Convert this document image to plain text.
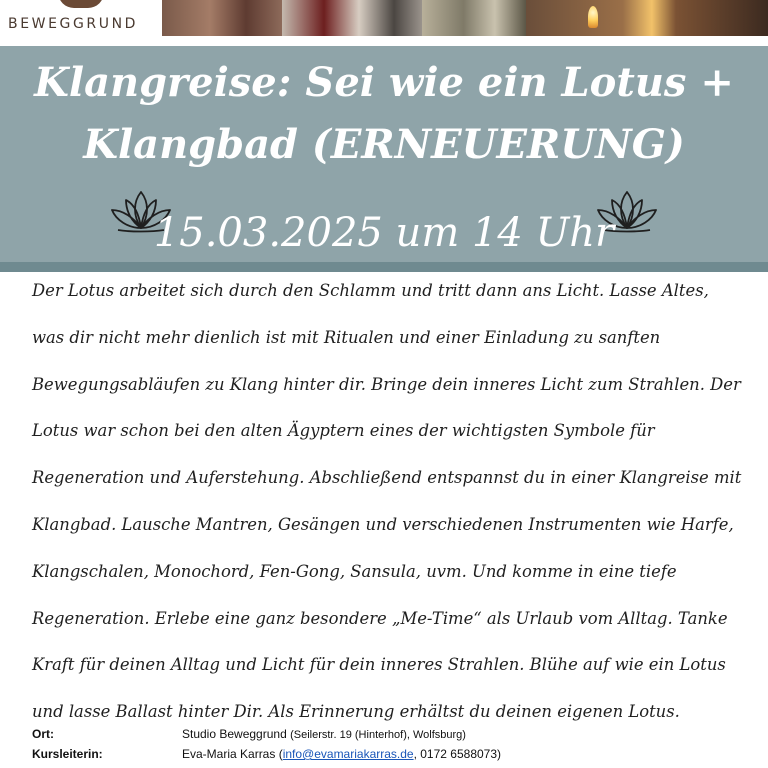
BEWEGGRUND
Klangreise: Sei wie ein Lotus +
Klangbad (ERNEUERUNG)
15.03.2025 um 14 Uhr

Der Lotus arbeitet sich durch den Schlamm und tritt dann ans Licht. Lasse Altes, was dir nicht mehr dienlich ist mit Ritualen und einer Einladung zu sanften Bewegungsabläufen zu Klang hinter dir. Bringe dein inneres Licht zum Strahlen. Der Lotus war schon bei den alten Ägyptern eines der wichtigsten Symbole für Regeneration und Auferstehung. Abschließend entspannst du in einer Klangreise mit Klangbad. Lausche Mantren, Gesängen und verschiedenen Instrumenten wie Harfe, Klangschalen, Monochord, Fen-Gong, Sansula, uvm. Und komme in eine tiefe Regeneration. Erlebe eine ganz besondere „Me-Time“ als Urlaub vom Alltag. Tanke Kraft für deinen Alltag und Licht für dein inneres Strahlen. Blühe auf wie ein Lotus und lasse Ballast hinter Dir. Als Erinnerung erhältst du deinen eigenen Lotus.

Ort:	Studio Beweggrund (Seilerstr. 19 (Hinterhof), Wolfsburg)
Kursleiterin:	Eva-Maria Karras (info@evamariakarras.de, 0172 6588073)
